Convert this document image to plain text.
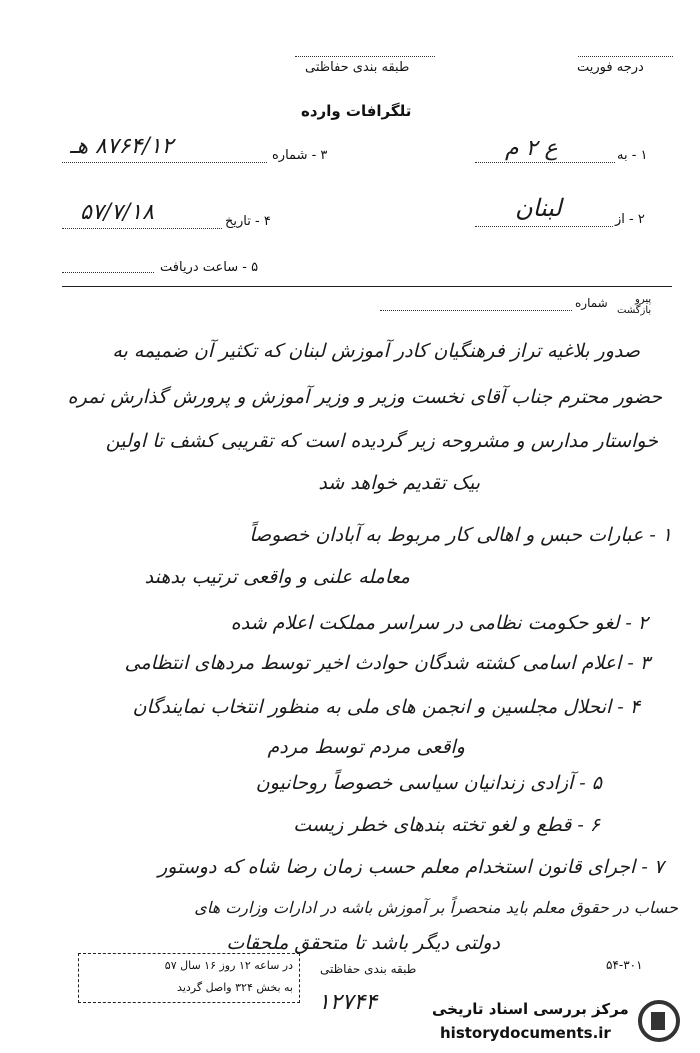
درجه فوریت
طبقه بندی حفاظتی
تلگرافات وارده
۱ - به
ع ۲ م
۳ - شماره
۸۷۶۴/۱۲ هـ
۲ - از
لبنان
۴ - تاریخ
۵۷/۷/۱۸
۵ - ساعت دریافت
پیرو
بازگشت
شماره
صدور بلاغیه تراز فرهنگیان کادر آموزش لبنان که تکثیر آن ضمیمه به
حضور محترم جناب آقای نخست وزیر و وزیر آموزش و پرورش گذارش نمره
خواستار مدارس و مشروحه زیر گردیده است که تقریبی کشف تا اولین
بیک تقدیم خواهد شد
۱ - عبارات حبس و اهالی کار مربوط به آبادان خصوصاً
معامله علنی و واقعی ترتیب بدهند
۲ - لغو حکومت نظامی در سراسر مملکت اعلام شده
۳ - اعلام اسامی کشته شدگان حوادث اخیر توسط مردهای انتظامی
۴ - انحلال مجلسین و انجمن های ملی به منظور انتخاب نمایندگان
واقعی مردم توسط مردم
۵ - آزادی زندانیان سیاسی خصوصاً روحانیون
۶ - قطع و لغو تخته بندهای خطر زیست
۷ - اجرای قانون استخدام معلم حسب زمان رضا شاه که دوستور
حساب در حقوق معلم باید منحصراً بر آموزش باشه در ادارات وزارت های
دولتی دیگر باشد تا متحقق ملحقات
۵۴-۳۰۱
طبقه بندی حفاظتی
در ساعه ۱۲ روز ۱۶ سال ۵۷
به بخش ۳۲۴ واصل گردید
۱۲۷۴۴	مرکز بررسی اسناد تاریخی
historydocuments.ir
